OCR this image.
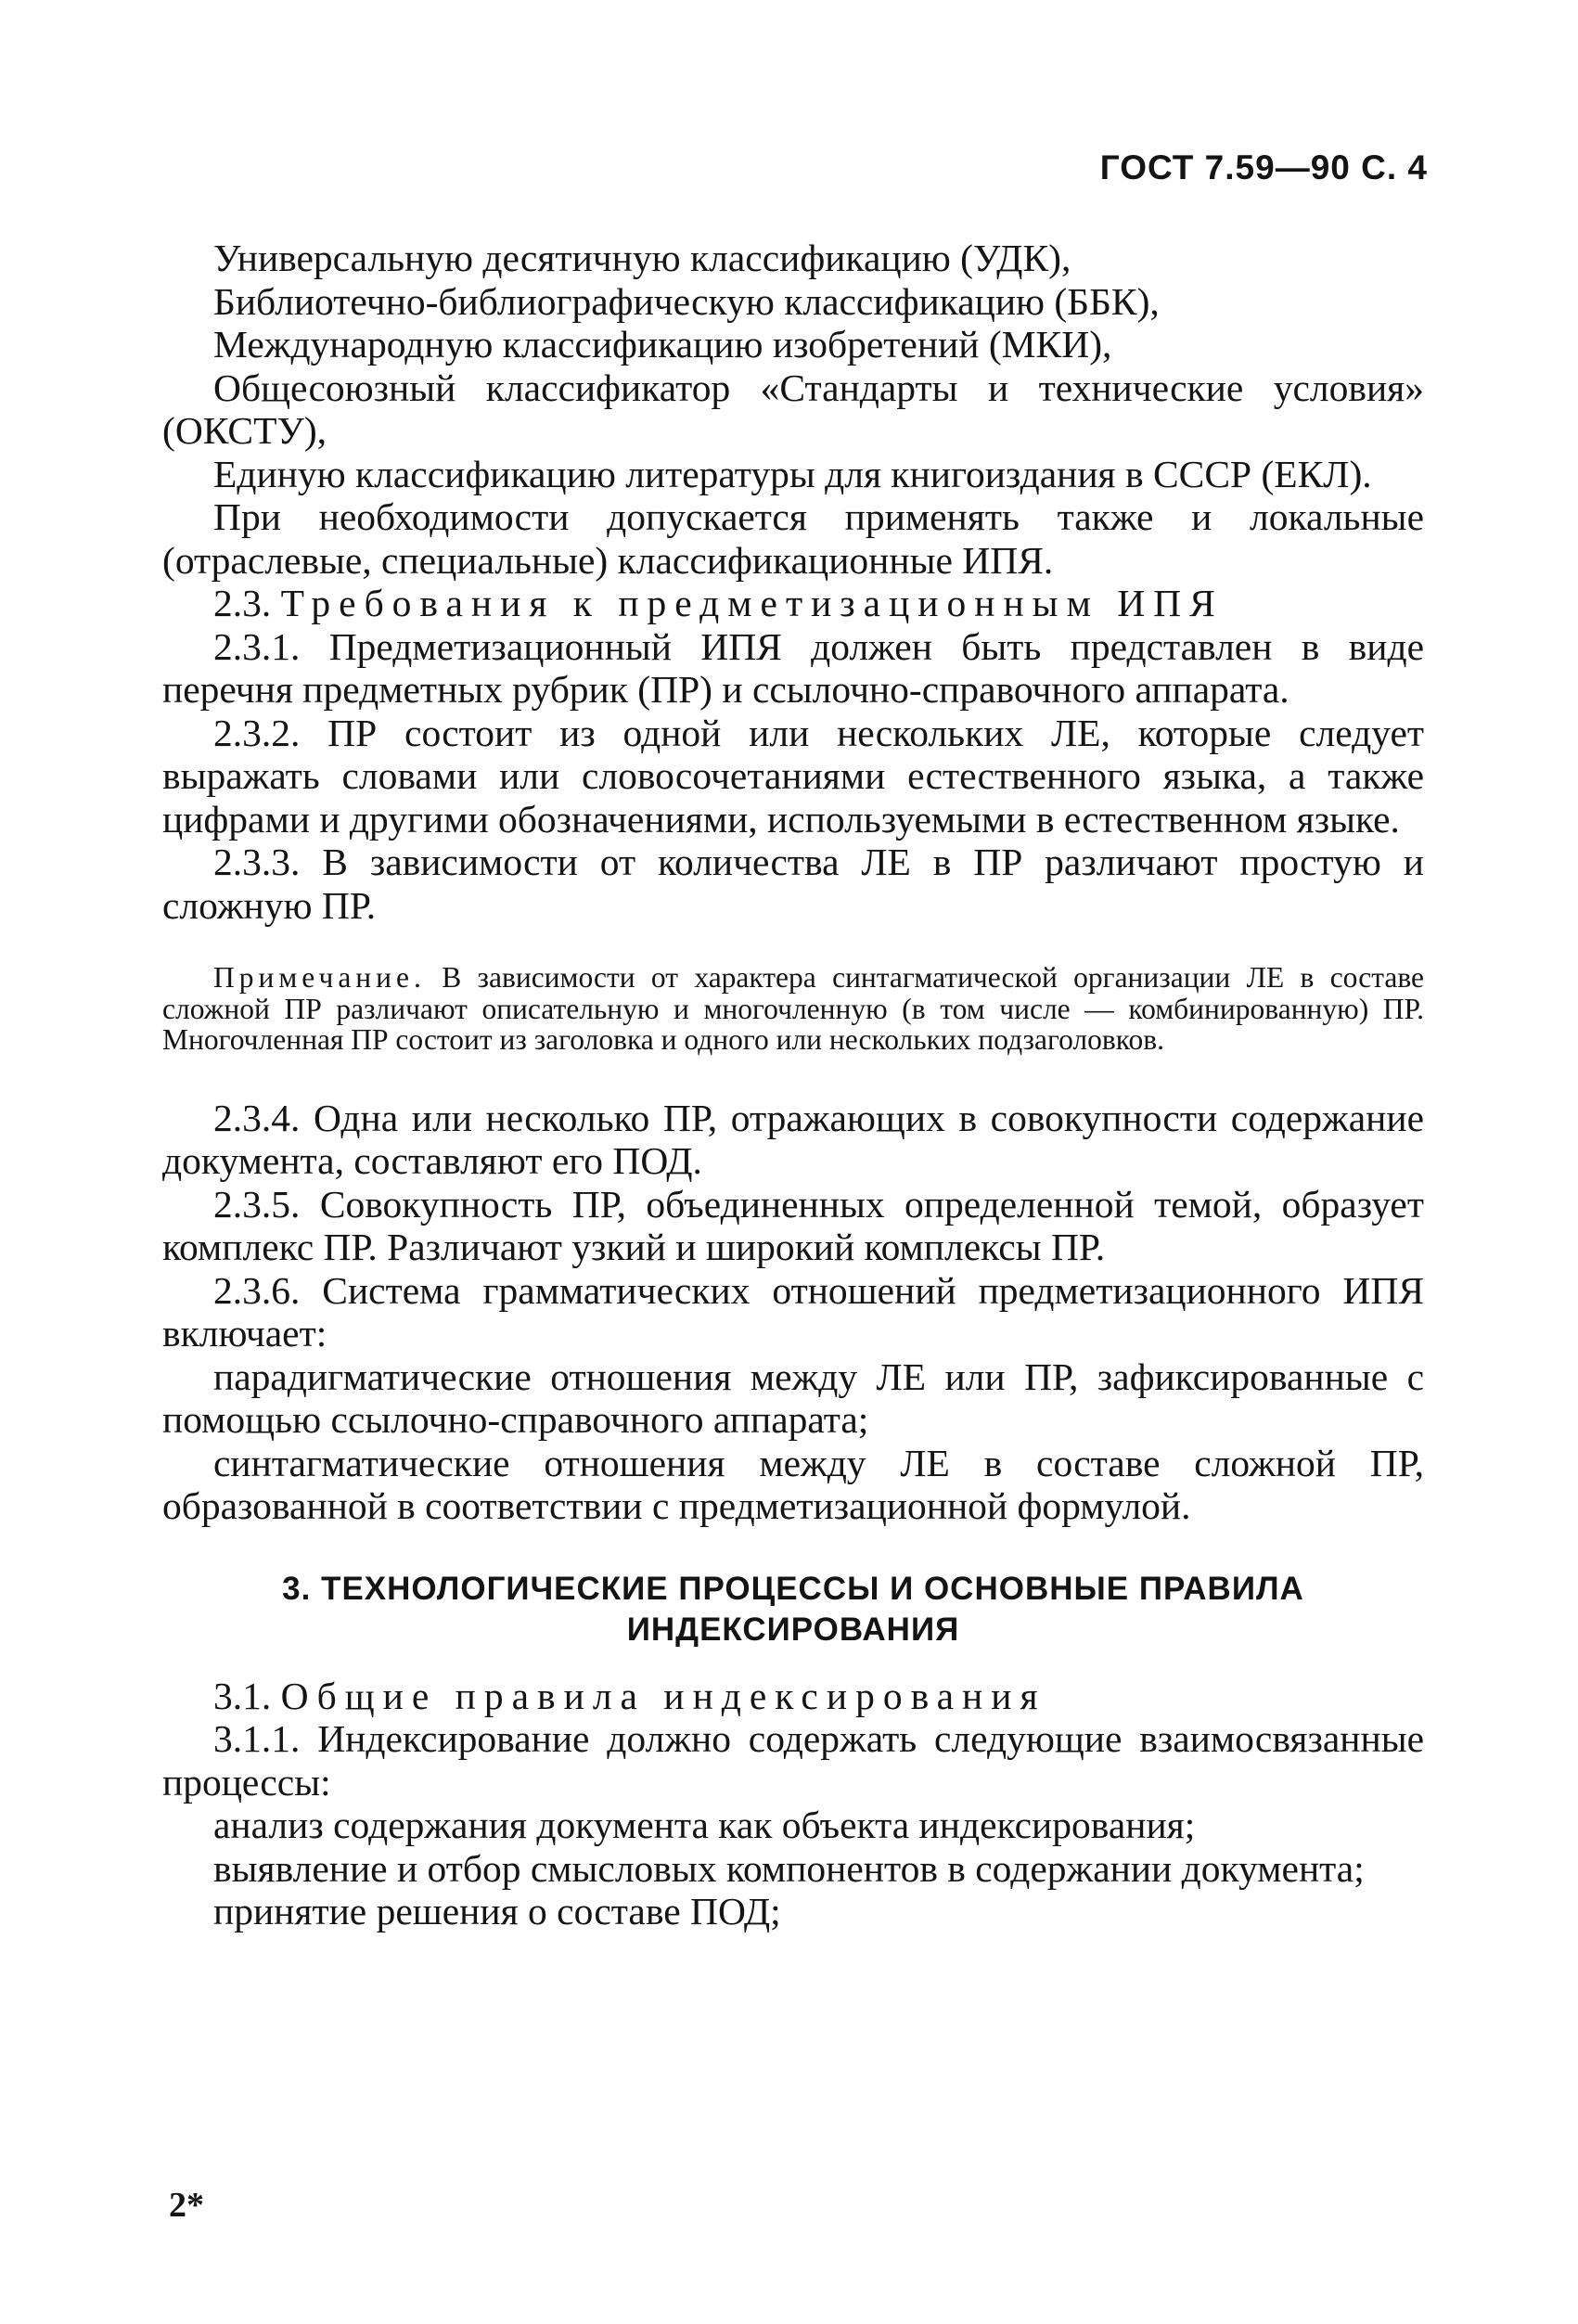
ГОСТ 7.59—90 С. 4

Универсальную десятичную классификацию (УДК),

Библиотечно-библиографическую классификацию (ББК),

Международную классификацию изобретений (МКИ),

Общесоюзный классификатор «Стандарты и технические условия» (ОКСТУ),

Единую классификацию литературы для книгоиздания в СССР (ЕКЛ).

При необходимости допускается применять также и локальные (отраслевые, специальные) классификационные ИПЯ.

2.3. Требования к предметизационным ИПЯ

2.3.1. Предметизационный ИПЯ должен быть представлен в виде перечня предметных рубрик (ПР) и ссылочно-справочного аппарата.

2.3.2. ПР состоит из одной или нескольких ЛЕ, которые следует выражать словами или словосочетаниями естественного языка, а также цифрами и другими обозначениями, используемыми в естественном языке.

2.3.3. В зависимости от количества ЛЕ в ПР различают простую и сложную ПР.

Примечание. В зависимости от характера синтагматической организации ЛЕ в составе сложной ПР различают описательную и многочленную (в том числе — комбинированную) ПР. Многочленная ПР состоит из заголовка и одного или нескольких подзаголовков.

2.3.4. Одна или несколько ПР, отражающих в совокупности содержание документа, составляют его ПОД.

2.3.5. Совокупность ПР, объединенных определенной темой, образует комплекс ПР. Различают узкий и широкий комплексы ПР.

2.3.6. Система грамматических отношений предметизационного ИПЯ включает:

парадигматические отношения между ЛЕ или ПР, зафиксированные с помощью ссылочно-справочного аппарата;

синтагматические отношения между ЛЕ в составе сложной ПР, образованной в соответствии с предметизационной формулой.

3. ТЕХНОЛОГИЧЕСКИЕ ПРОЦЕССЫ И ОСНОВНЫЕ ПРАВИЛА
ИНДЕКСИРОВАНИЯ

3.1. Общие правила индексирования

3.1.1. Индексирование должно содержать следующие взаимосвязанные процессы:

анализ содержания документа как объекта индексирования;

выявление и отбор смысловых компонентов в содержании документа;

принятие решения о составе ПОД;

2*
